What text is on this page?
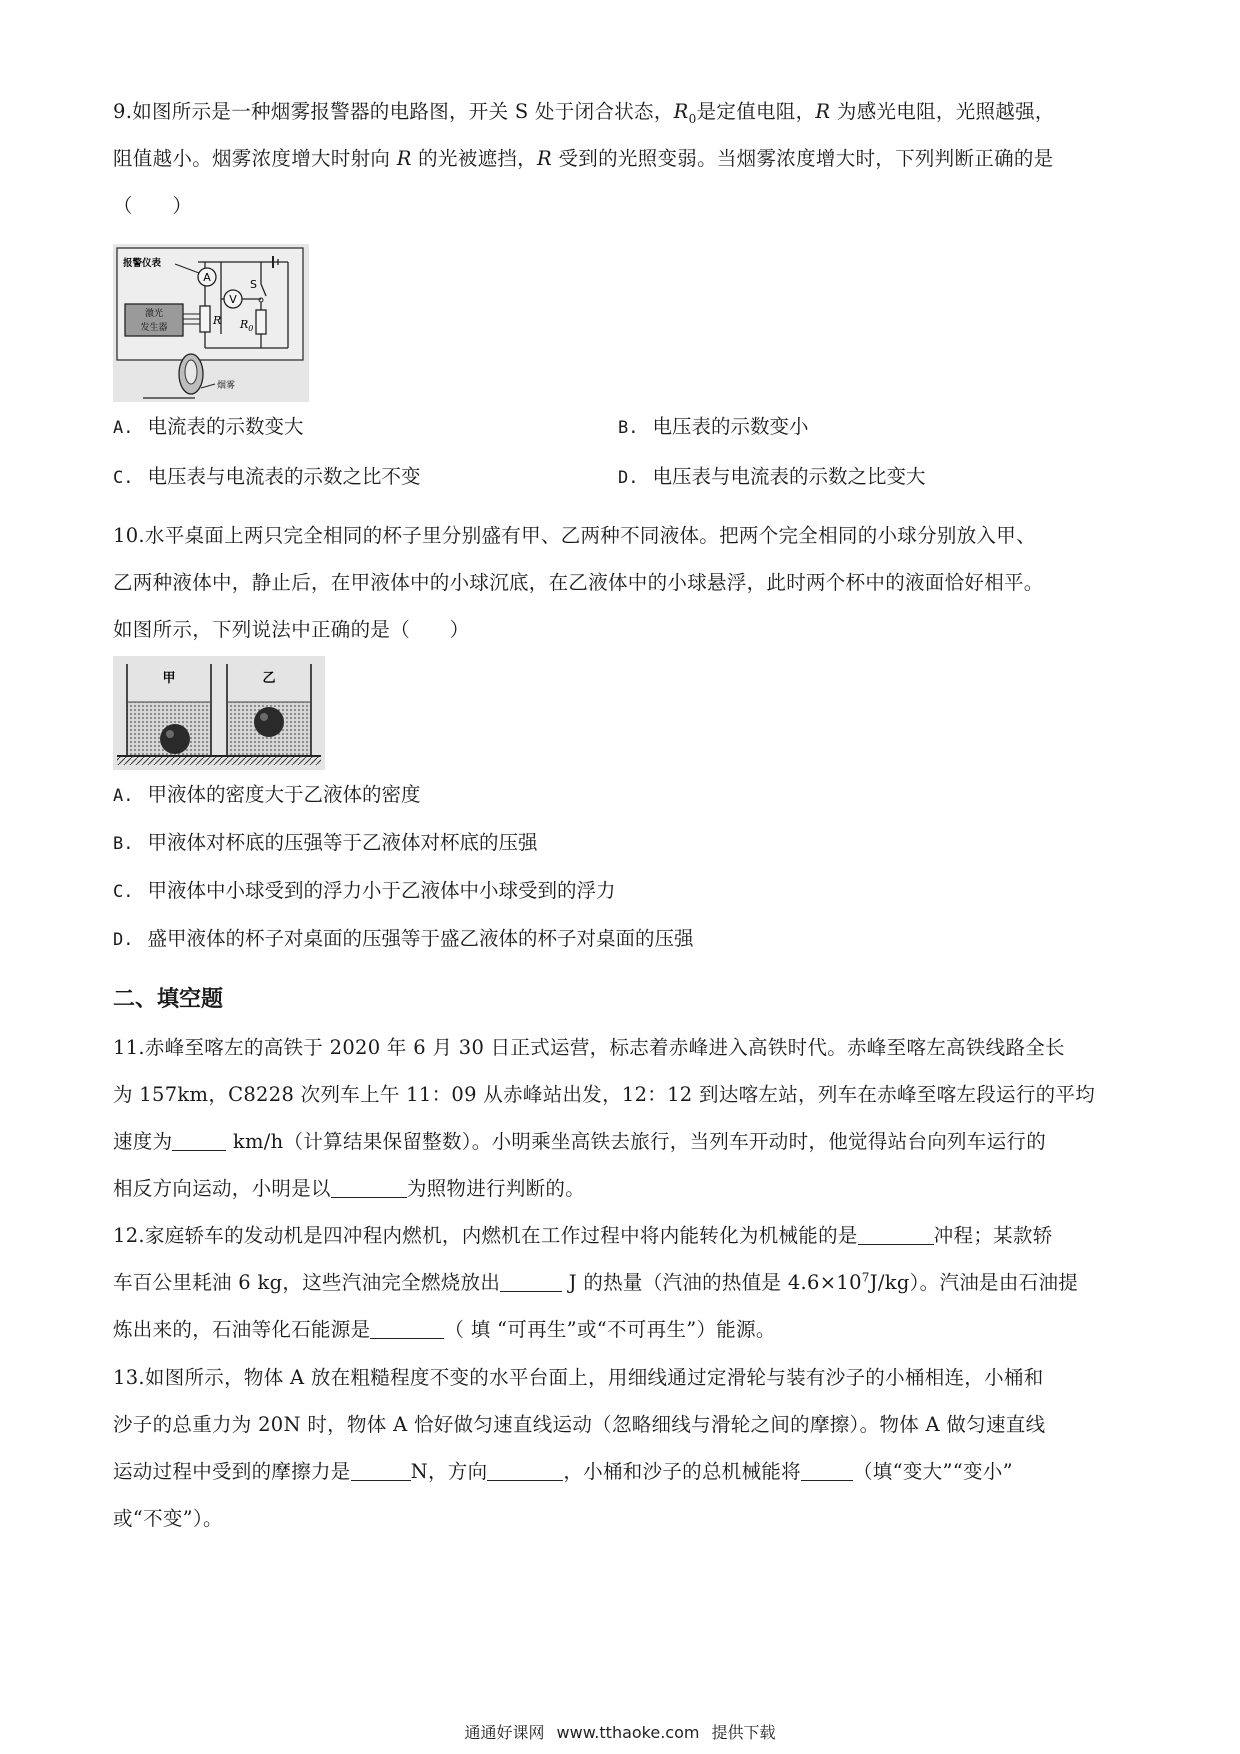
9.如图所示是一种烟雾报警器的电路图，开关 S 处于闭合状态，$R_0$是定值电阻，R 为感光电阻，光照越强，
阻值越小。烟雾浓度增大时射向 R 的光被遮挡，R 受到的光照变弱。当烟雾浓度增大时，下列判断正确的是
（　　）
A
报警仪表
V
S
$R_0$
R
激光
发生器
烟雾
A. 电流表的示数变大	B. 电压表的示数变小
C. 电压表与电流表的示数之比不变	D. 电压表与电流表的示数之比变大
10.水平桌面上两只完全相同的杯子里分别盛有甲、乙两种不同液体。把两个完全相同的小球分别放入甲、
乙两种液体中，静止后，在甲液体中的小球沉底，在乙液体中的小球悬浮，此时两个杯中的液面恰好相平。
如图所示，下列说法中正确的是（　　）
甲	乙
A. 甲液体的密度大于乙液体的密度
B. 甲液体对杯底的压强等于乙液体对杯底的压强
C. 甲液体中小球受到的浮力小于乙液体中小球受到的浮力
D. 盛甲液体的杯子对桌面的压强等于盛乙液体的杯子对桌面的压强
二、填空题
11.赤峰至喀左的高铁于 2020 年 6 月 30 日正式运营，标志着赤峰进入高铁时代。赤峰至喀左高铁线路全长
为 157km，C8228 次列车上午 11：09 从赤峰站出发，12：12 到达喀左站，列车在赤峰至喀左段运行的平均
速度为	km/h（计算结果保留整数）。小明乘坐高铁去旅行，当列车开动时，他觉得站台向列车运行的
相反方向运动，小明是以	为照物进行判断的。
12.家庭轿车的发动机是四冲程内燃机，内燃机在工作过程中将内能转化为机械能的是	冲程；某款轿
车百公里耗油 6 kg，这些汽油完全燃烧放出	J 的热量（汽油的热值是 $4.6\times 10^7J/kg$）。汽油是由石油提
炼出来的，石油等化石能源是	（ 填 “可再生”或“不可再生”）能源。
13.如图所示，物体 A 放在粗糙程度不变的水平台面上，用细线通过定滑轮与装有沙子的小桶相连，小桶和
沙子的总重力为 20N 时，物体 A 恰好做匀速直线运动（忽略细线与滑轮之间的摩擦）。物体 A 做匀速直线
运动过程中受到的摩擦力是	N，方向	，小桶和沙子的总机械能将	（填“变大”“变小”
或“不变”）。
通通好课网 www.tthaoke.com 提供下载
